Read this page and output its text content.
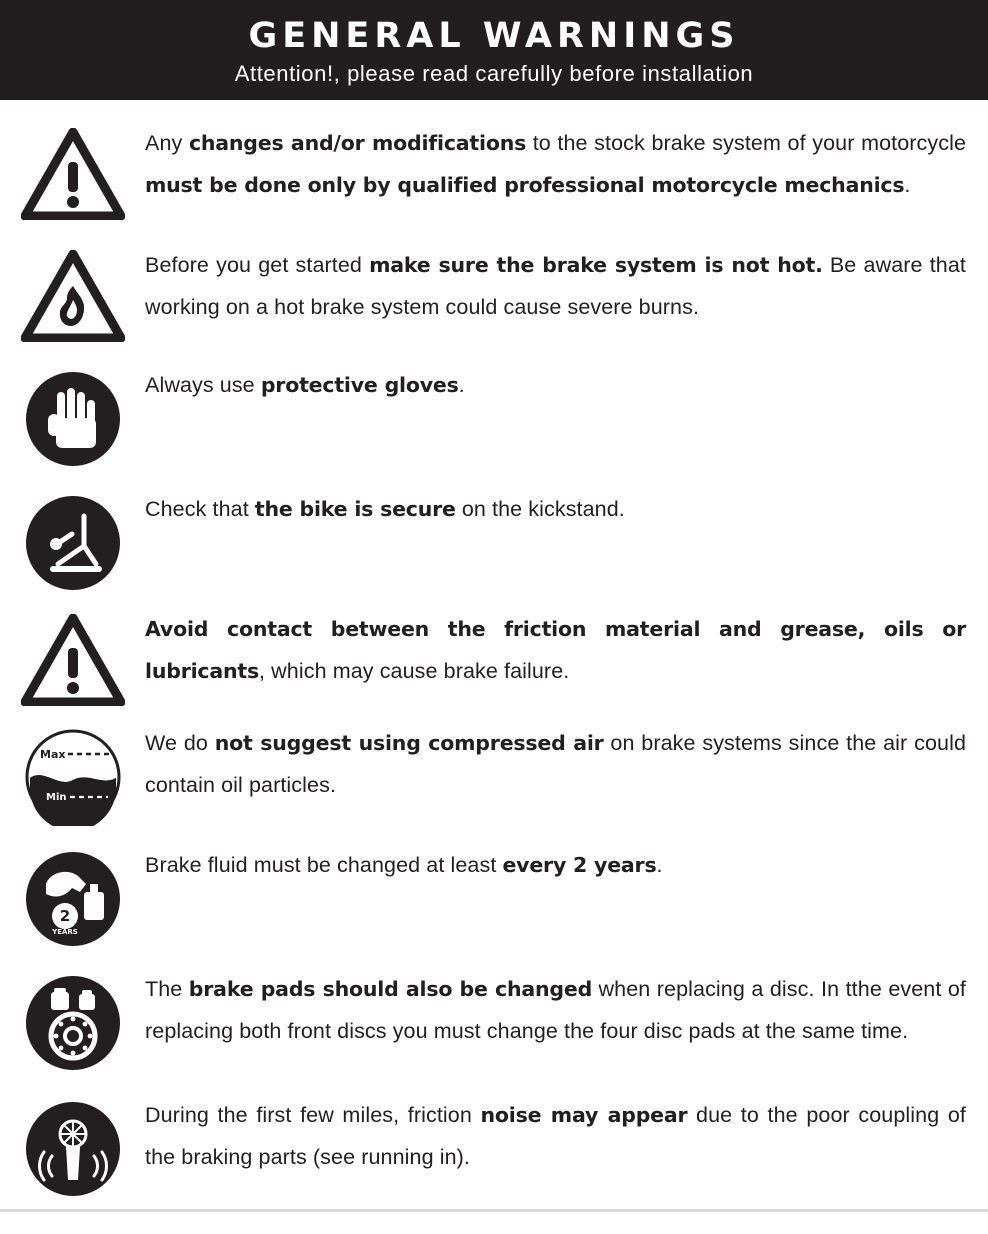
GENERAL WARNINGS
Attention!, please read carefully before installation
Any changes and/or modifications to the stock brake system of your motorcycle must be done only by qualified professional motorcycle mechanics.
Before you get started make sure the brake system is not hot. Be aware that working on a hot brake system could cause severe burns.
Always use protective gloves.
Check that the bike is secure on the kickstand.
Avoid contact between the friction material and grease, oils or lubricants, which may cause brake failure.
Max
Min
We do not suggest using compressed air on brake systems since the air could contain oil particles.
2
YEARS
Brake fluid must be changed at least every 2 years.
The brake pads should also be changed when replacing a disc. In tthe event of replacing both front discs you must change the four disc pads at the same time.
During the first few miles, friction noise may appear due to the poor coupling of the braking parts (see running in).
